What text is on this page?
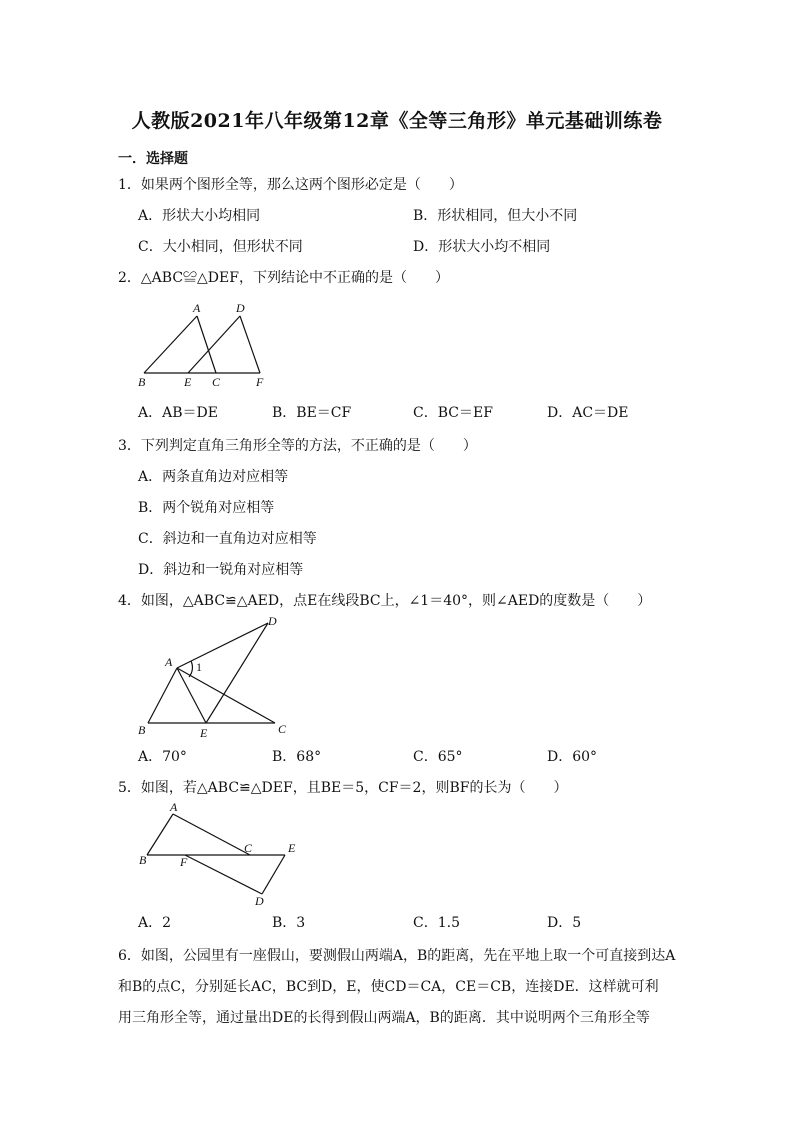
人教版2021年八年级第12章《全等三角形》单元基础训练卷
一．选择题
1．如果两个图形全等，那么这两个图形必定是（　　）
A．形状大小均相同	B．形状相同，但大小不同
C．大小相同，但形状不同	D．形状大小均不相同
2．△ABC≌△DEF，下列结论中不正确的是（　　）
A	D
B	E C	F
A．AB＝DE	B．BE＝CF	C．BC＝EF	D．AC＝DE
3．下列判定直角三角形全等的方法，不正确的是（　　）
A．两条直角边对应相等
B．两个锐角对应相等
C．斜边和一直角边对应相等
D．斜边和一锐角对应相等
4．如图，△ABC≌△AED，点E在线段BC上，∠1＝40°，则∠AED的度数是（　　）
D
A 1
B	E	C
A．70°	B．68°	C．65°	D．60°
5．如图，若△ABC≌△DEF，且BE＝5，CF＝2，则BF的长为（　　）
A
B	F
C	E
D
A．2	B．3	C．1.5	D．5
6．如图，公园里有一座假山，要测假山两端A，B的距离，先在平地上取一个可直接到达A
和B的点C，分别延长AC，BC到D，E，使CD＝CA，CE＝CB，连接DE．这样就可利
用三角形全等，通过量出DE的长得到假山两端A，B的距离．其中说明两个三角形全等
